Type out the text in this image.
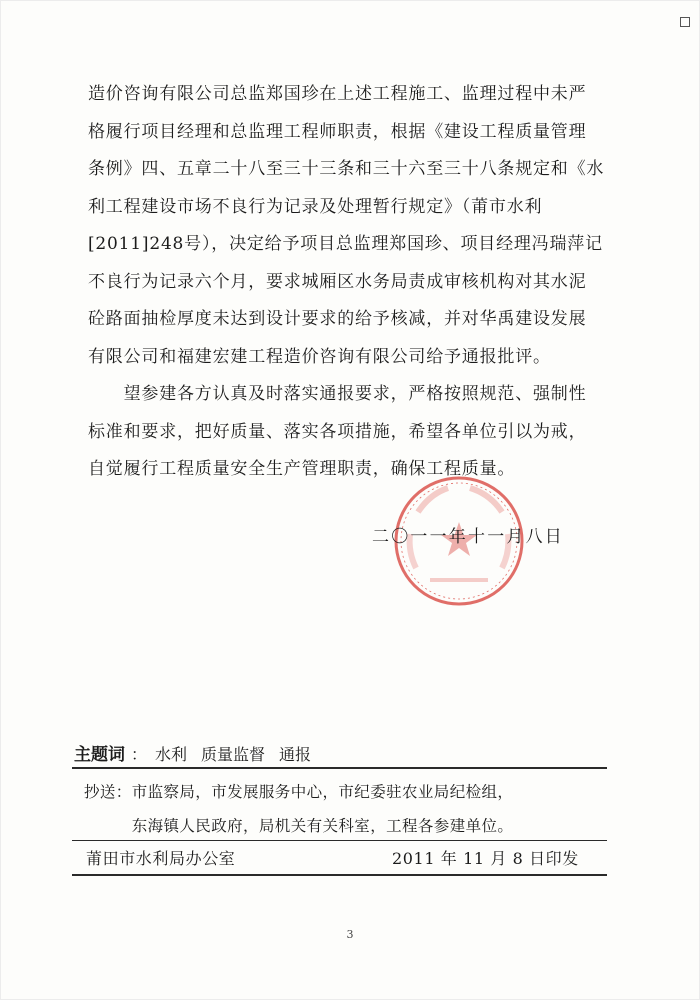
造价咨询有限公司总监郑国珍在上述工程施工、监理过程中未严
格履行项目经理和总监理工程师职责，根据《建设工程质量管理
条例》四、五章二十八至三十三条和三十六至三十八条规定和《水
利工程建设市场不良行为记录及处理暂行规定》（莆市水利
[2011]248号），决定给予项目总监理郑国珍、项目经理冯瑞萍记
不良行为记录六个月，要求城厢区水务局责成审核机构对其水泥
砼路面抽检厚度未达到设计要求的给予核减，并对华禹建设发展
有限公司和福建宏建工程造价咨询有限公司给予通报批评。
　　望参建各方认真及时落实通报要求，严格按照规范、强制性
标准和要求，把好质量、落实各项措施，希望各单位引以为戒，
自觉履行工程质量安全生产管理职责，确保工程质量。
二〇一一年十一月八日
主题词 ： 水利 质量监督 通报
抄送：市监察局，市发展服务中心，市纪委驻农业局纪检组，
　　　东海镇人民政府，局机关有关科室，工程各参建单位。
莆田市水利局办公室	2011 年 11 月 8 日印发
3
